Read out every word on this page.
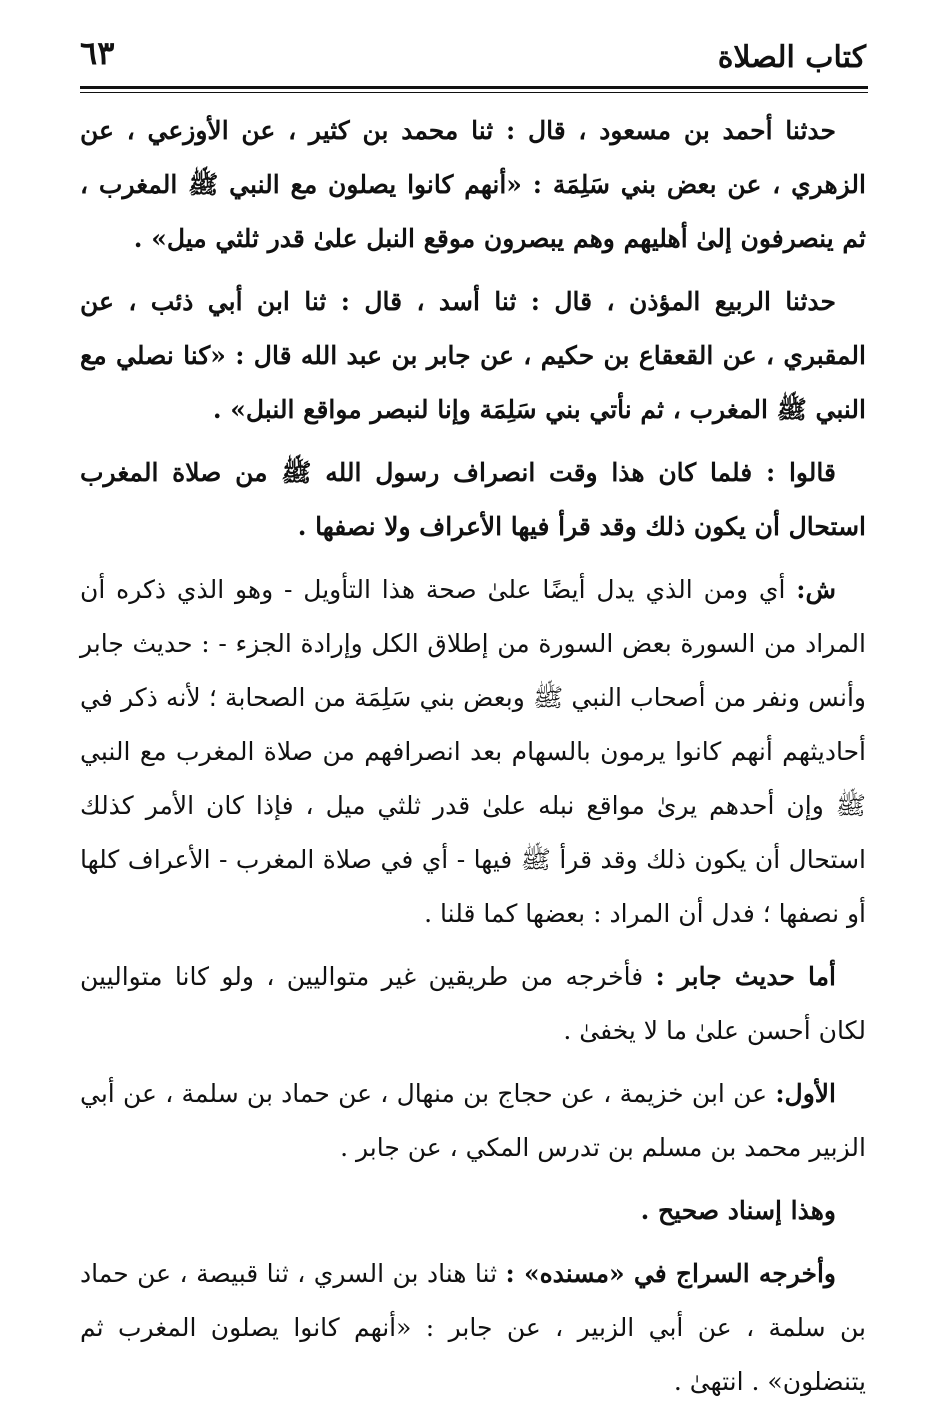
كتاب الصلاة
٦٣

حدثنا أحمد بن مسعود ، قال : ثنا محمد بن كثير ، عن الأوزعي ، عن الزهري ، عن بعض بني سَلِمَة : «أنهم كانوا يصلون مع النبي ﷺ المغرب ، ثم ينصرفون إلىٰ أهليهم وهم يبصرون موقع النبل علىٰ قدر ثلثي ميل» .

حدثنا الربيع المؤذن ، قال : ثنا أسد ، قال : ثنا ابن أبي ذئب ، عن المقبري ، عن القعقاع بن حكيم ، عن جابر بن عبد الله قال : «كنا نصلي مع النبي ﷺ المغرب ، ثم نأتي بني سَلِمَة وإنا لنبصر مواقع النبل» .

قالوا : فلما كان هذا وقت انصراف رسول الله ﷺ من صلاة المغرب استحال أن يكون ذلك وقد قرأ فيها الأعراف ولا نصفها .

ش: أي ومن الذي يدل أيضًا علىٰ صحة هذا التأويل - وهو الذي ذكره أن المراد من السورة بعض السورة من إطلاق الكل وإرادة الجزء - : حديث جابر وأنس ونفر من أصحاب النبي ﷺ وبعض بني سَلِمَة من الصحابة ؛ لأنه ذكر في أحاديثهم أنهم كانوا يرمون بالسهام بعد انصرافهم من صلاة المغرب مع النبي ﷺ وإن أحدهم يرىٰ مواقع نبله علىٰ قدر ثلثي ميل ، فإذا كان الأمر كذلك استحال أن يكون ذلك وقد قرأ ﷺ فيها - أي في صلاة المغرب - الأعراف كلها أو نصفها ؛ فدل أن المراد : بعضها كما قلنا .

أما حديث جابر : فأخرجه من طريقين غير متواليين ، ولو كانا متواليين لكان أحسن علىٰ ما لا يخفىٰ .

الأول: عن ابن خزيمة ، عن حجاج بن منهال ، عن حماد بن سلمة ، عن أبي الزبير محمد بن مسلم بن تدرس المكي ، عن جابر .

وهذا إسناد صحيح .

وأخرجه السراج في «مسنده» : ثنا هناد بن السري ، ثنا قبيصة ، عن حماد بن سلمة ، عن أبي الزبير ، عن جابر : «أنهم كانوا يصلون المغرب ثم يتنضلون» . انتهىٰ .
